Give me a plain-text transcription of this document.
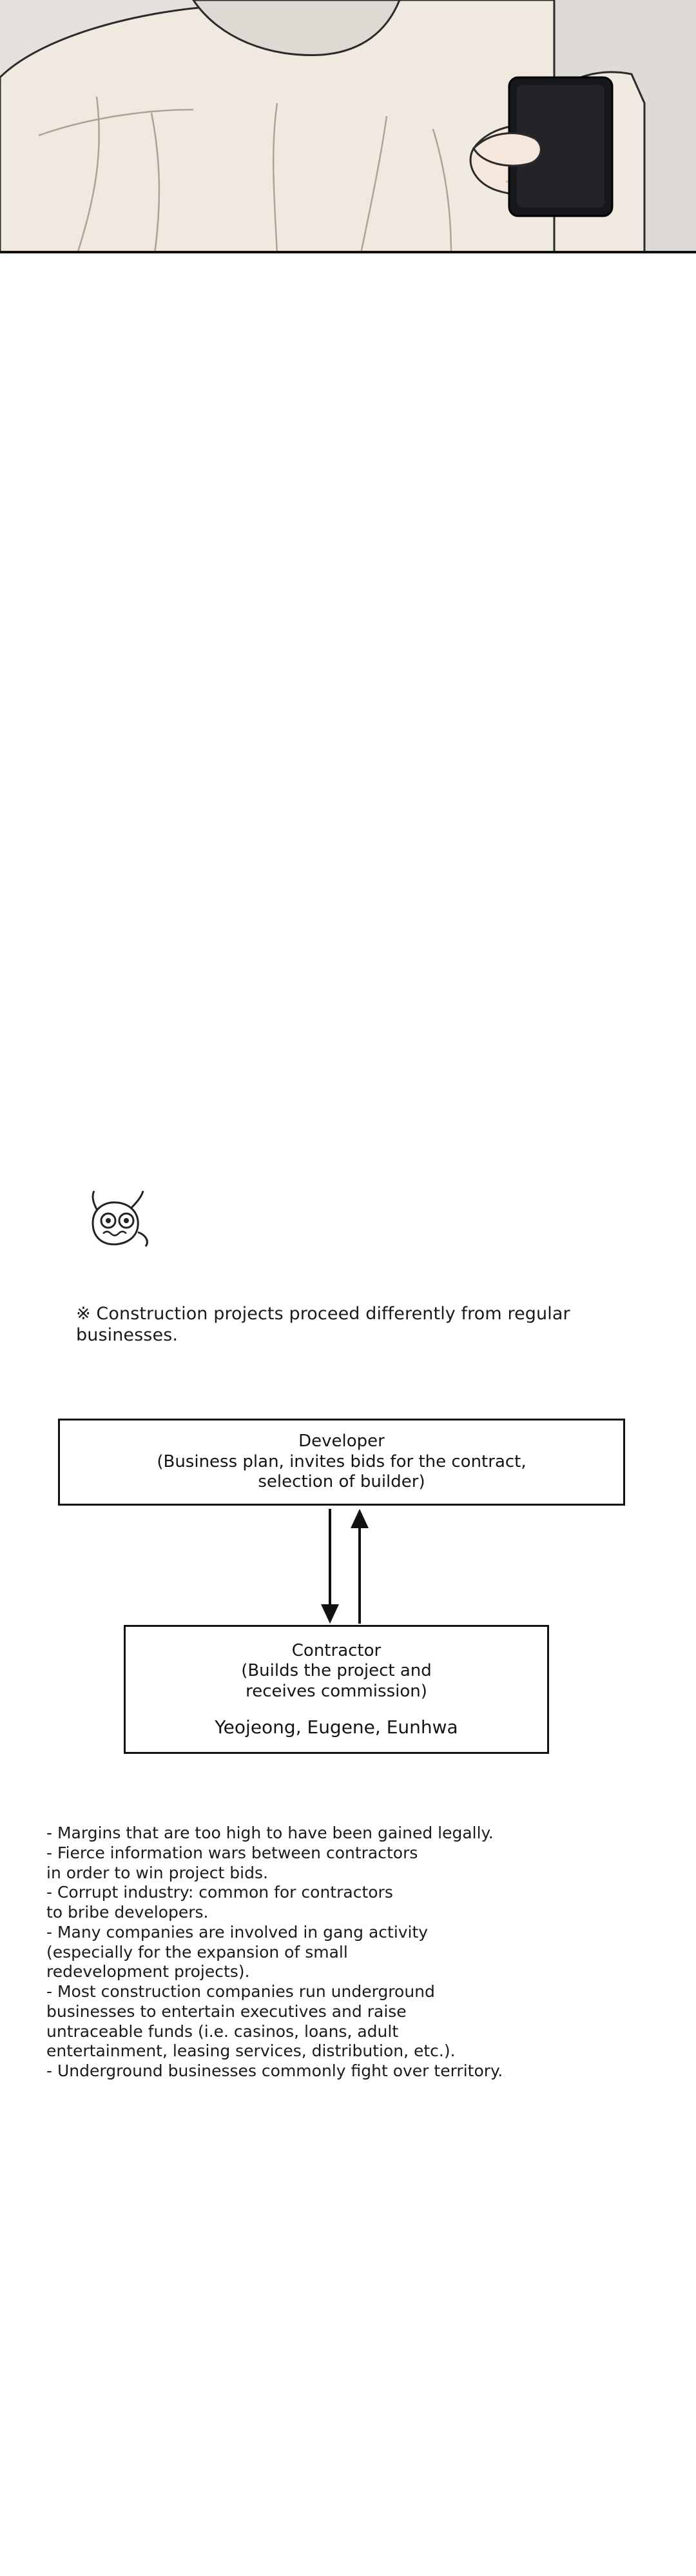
※ Construction projects proceed differently from regular businesses.
Developer
(Business plan, invites bids for the contract,
selection of builder)
Contractor
(Builds the project and
receives commission)
Yeojeong, Eugene, Eunhwa
- Margins that are too high to have been gained legally.
- Fierce information wars between contractors
in order to win project bids.
- Corrupt industry: common for contractors
to bribe developers.
- Many companies are involved in gang activity
(especially for the expansion of small
redevelopment projects).
- Most construction companies run underground
businesses to entertain executives and raise
untraceable funds (i.e. casinos, loans, adult
entertainment, leasing services, distribution, etc.).
- Underground businesses commonly fight over territory.
